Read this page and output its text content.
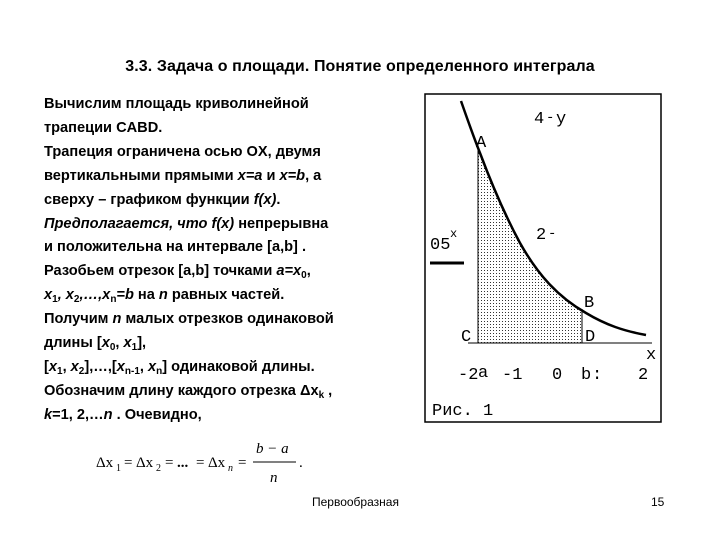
3.3. Задача о площади. Понятие определенного интеграла
Вычислим площадь криволинейной
трапеции CABD.
Трапеция ограничена осью OX, двумя
вертикальными прямыми x=a и x=b, а
сверху – графиком функции f(x).
Предполагается, что f(x) непрерывна
и положительна на интервале [a,b] .
Разобьем отрезок [a,b] точками $a=x_0$,
$x_1$, $x_2,\dots,x_n=b$ на n равных частей.
Получим n малых отрезков одинаковой
длины [$x_0$, $x_1$],
[$x_1$, $x_2],\dots,[x_{n-1}$, $x_n$] одинаковой длины.
Обозначим длину каждого отрезка $\Delta x_k$ ,
k=1, 2,…n . Очевидно,
4 - y
2 -
A
B
C	D
x
05
x
-2 a -1 0 b : 2
Рис. 1
Δx 1 = Δx 2 = ... = Δx n =
b − a
n
.
Первообразная	15
